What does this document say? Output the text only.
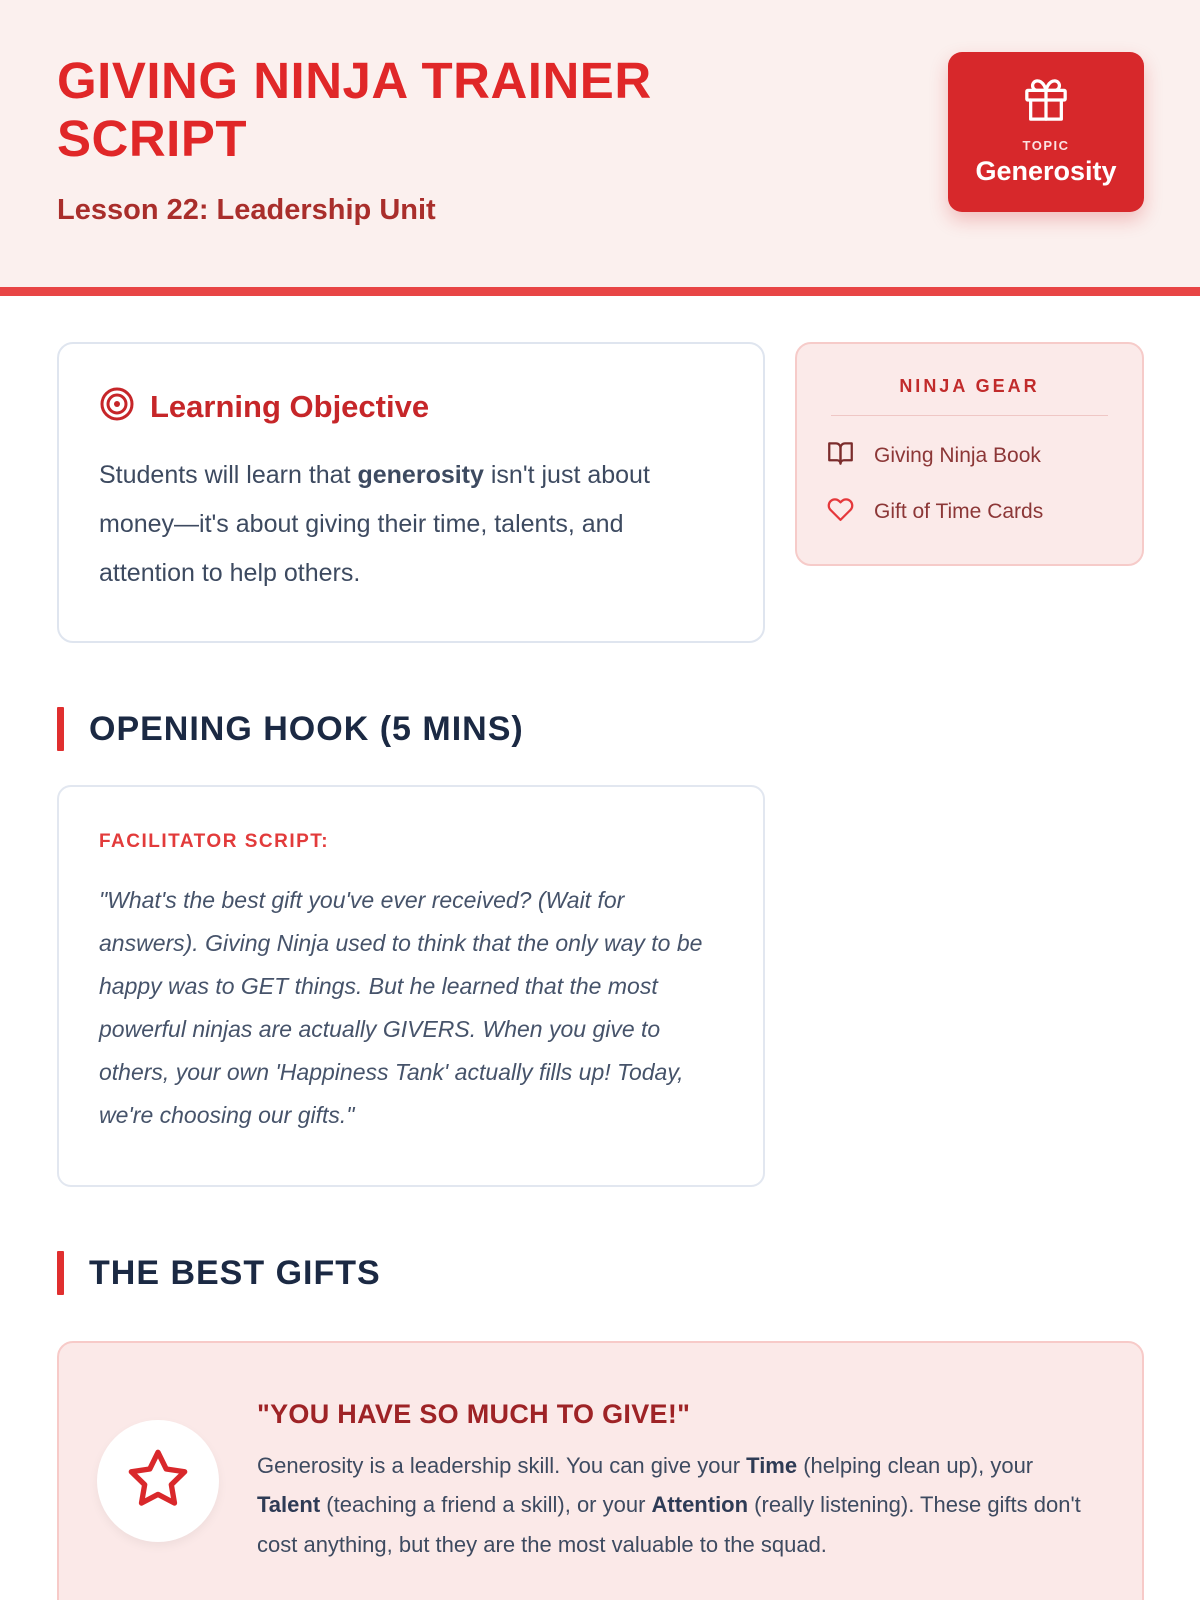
GIVING NINJA TRAINER SCRIPT
Lesson 22: Leadership Unit
TOPIC
Generosity
Learning Objective

Students will learn that generosity isn't just about money—it's about giving their time, talents, and attention to help others.

NINJA GEAR
Giving Ninja Book
Gift of Time Cards
OPENING HOOK (5 MINS)
FACILITATOR SCRIPT:

"What's the best gift you've ever received? (Wait for answers). Giving Ninja used to think that the only way to be happy was to GET things. But he learned that the most powerful ninjas are actually GIVERS. When you give to others, your own 'Happiness Tank' actually fills up! Today, we're choosing our gifts."

THE BEST GIFTS
"YOU HAVE SO MUCH TO GIVE!"

Generosity is a leadership skill. You can give your Time (helping clean up), your Talent (teaching a friend a skill), or your Attention (really listening). These gifts don't cost anything, but they are the most valuable to the squad.
